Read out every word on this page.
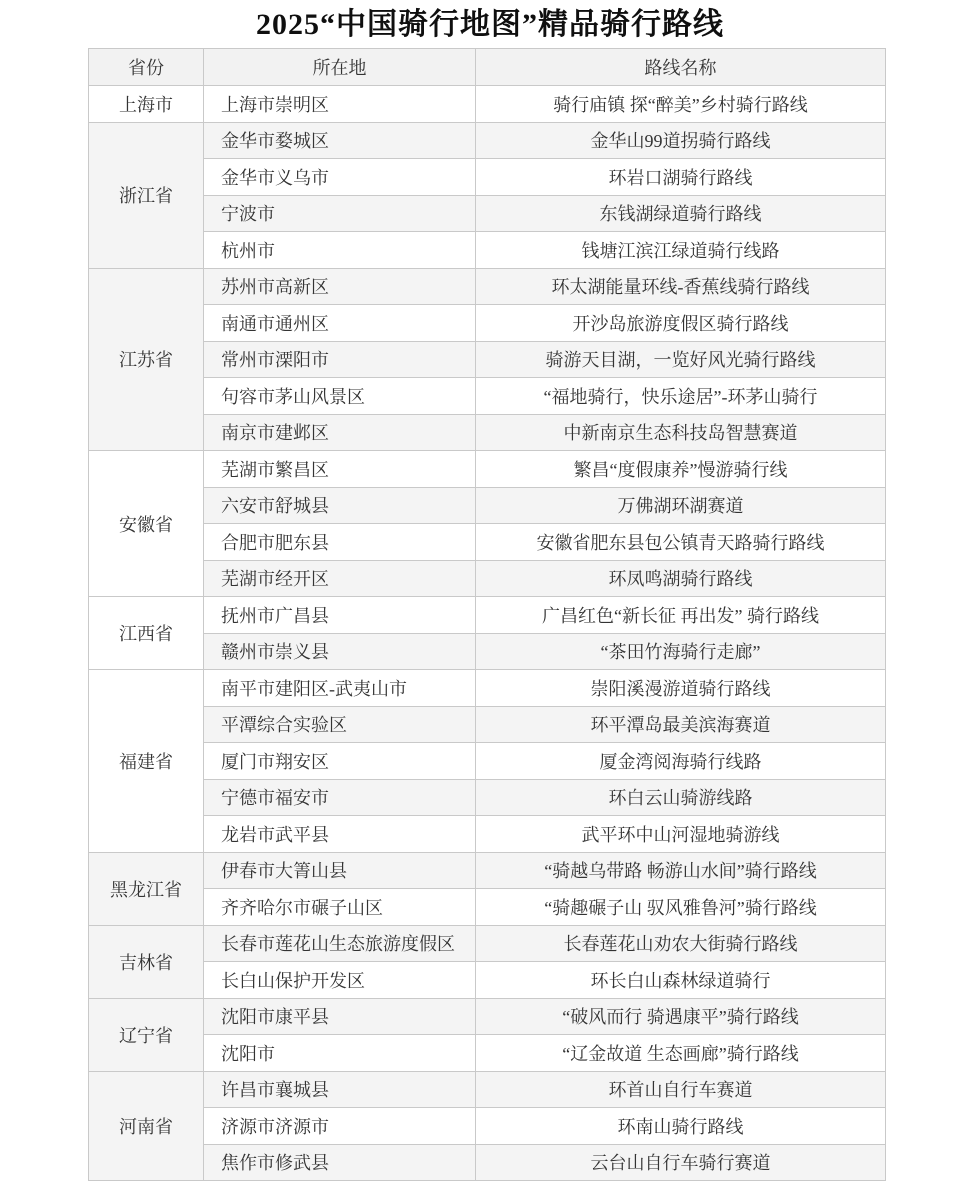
2025“中国骑行地图”精品骑行路线
省份	所在地	路线名称
上海市	上海市崇明区	骑行庙镇 探“醉美”乡村骑行路线
浙江省	金华市婺城区	金华山99道拐骑行路线
	金华市义乌市	环岩口湖骑行路线
	宁波市	东钱湖绿道骑行路线
	杭州市	钱塘江滨江绿道骑行线路
江苏省	苏州市高新区	环太湖能量环线-香蕉线骑行路线
	南通市通州区	开沙岛旅游度假区骑行路线
	常州市溧阳市	骑游天目湖，一览好风光骑行路线
	句容市茅山风景区	“福地骑行，快乐途居”-环茅山骑行
	南京市建邺区	中新南京生态科技岛智慧赛道
安徽省	芜湖市繁昌区	繁昌“度假康养”慢游骑行线
	六安市舒城县	万佛湖环湖赛道
	合肥市肥东县	安徽省肥东县包公镇青天路骑行路线
	芜湖市经开区	环凤鸣湖骑行路线
江西省	抚州市广昌县	广昌红色“新长征 再出发” 骑行路线
	赣州市崇义县	“茶田竹海骑行走廊”
福建省	南平市建阳区-武夷山市	崇阳溪漫游道骑行路线
	平潭综合实验区	环平潭岛最美滨海赛道
	厦门市翔安区	厦金湾阅海骑行线路
	宁德市福安市	环白云山骑游线路
	龙岩市武平县	武平环中山河湿地骑游线
黑龙江省	伊春市大箐山县	“骑越乌带路 畅游山水间”骑行路线
	齐齐哈尔市碾子山区	“骑趣碾子山 驭风雅鲁河”骑行路线
吉林省	长春市莲花山生态旅游度假区	长春莲花山劝农大街骑行路线
	长白山保护开发区	环长白山森林绿道骑行
辽宁省	沈阳市康平县	“破风而行 骑遇康平”骑行路线
	沈阳市	“辽金故道 生态画廊”骑行路线
河南省	许昌市襄城县	环首山自行车赛道
	济源市济源市	环南山骑行路线
	焦作市修武县	云台山自行车骑行赛道
